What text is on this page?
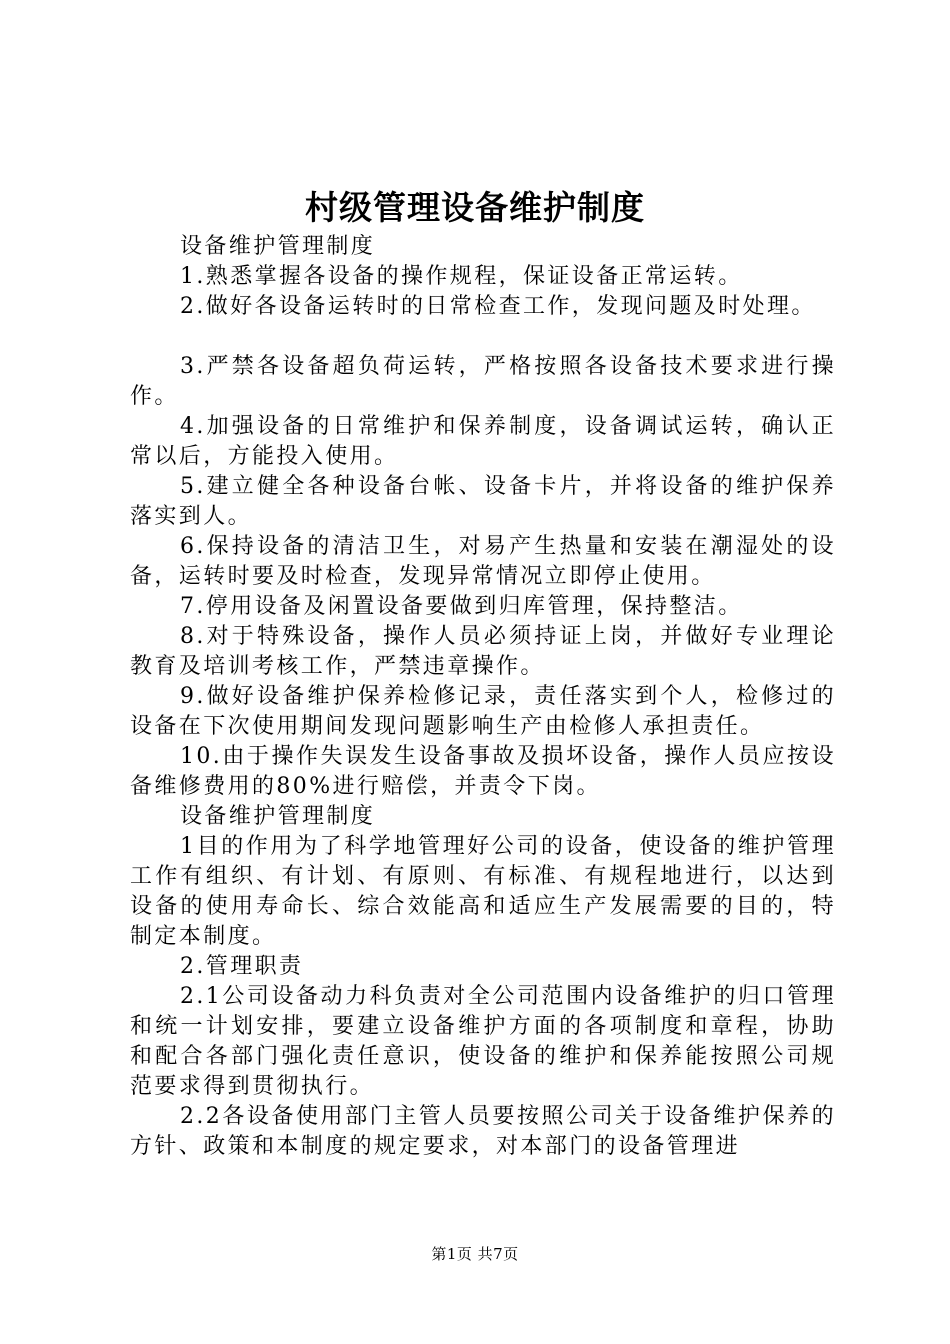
村级管理设备维护制度

设备维护管理制度

1.熟悉掌握各设备的操作规程，保证设备正常运转。

2.做好各设备运转时的日常检查工作，发现问题及时处理。

3.严禁各设备超负荷运转，严格按照各设备技术要求进行操作。

4.加强设备的日常维护和保养制度，设备调试运转，确认正常以后，方能投入使用。

5.建立健全各种设备台帐、设备卡片，并将设备的维护保养落实到人。

6.保持设备的清洁卫生，对易产生热量和安装在潮湿处的设备，运转时要及时检查，发现异常情况立即停止使用。

7.停用设备及闲置设备要做到归库管理，保持整洁。

8.对于特殊设备，操作人员必须持证上岗，并做好专业理论教育及培训考核工作，严禁违章操作。

9.做好设备维护保养检修记录，责任落实到个人，检修过的设备在下次使用期间发现问题影响生产由检修人承担责任。

10.由于操作失误发生设备事故及损坏设备，操作人员应按设备维修费用的80%进行赔偿，并责令下岗。

设备维护管理制度

1目的作用为了科学地管理好公司的设备，使设备的维护管理工作有组织、有计划、有原则、有标准、有规程地进行，以达到设备的使用寿命长、综合效能高和适应生产发展需要的目的，特制定本制度。

2.管理职责

2.1公司设备动力科负责对全公司范围内设备维护的归口管理和统一计划安排，要建立设备维护方面的各项制度和章程，协助和配合各部门强化责任意识，使设备的维护和保养能按照公司规范要求得到贯彻执行。

2.2各设备使用部门主管人员要按照公司关于设备维护保养的方针、政策和本制度的规定要求，对本部门的设备管理进

第1页 共7页
